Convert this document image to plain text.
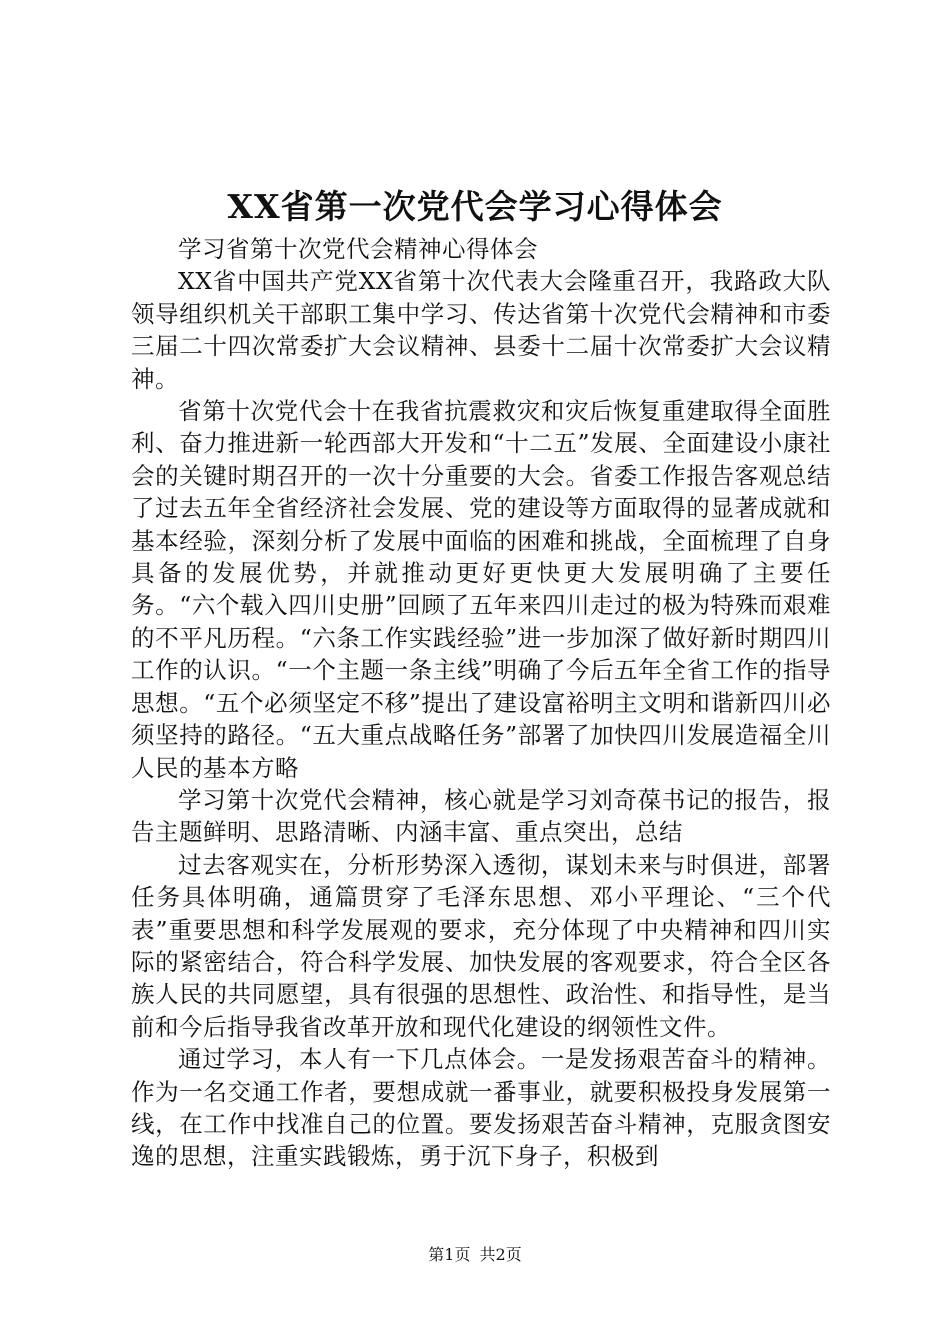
XX省第一次党代会学习心得体会

学习省第十次党代会精神心得体会

XX省中国共产党XX省第十次代表大会隆重召开，我路政大队领导组织机关干部职工集中学习、传达省第十次党代会精神和市委三届二十四次常委扩大会议精神、县委十二届十次常委扩大会议精神。

省第十次党代会十在我省抗震救灾和灾后恢复重建取得全面胜利、奋力推进新一轮西部大开发和“十二五”发展、全面建设小康社会的关键时期召开的一次十分重要的大会。省委工作报告客观总结了过去五年全省经济社会发展、党的建设等方面取得的显著成就和基本经验，深刻分析了发展中面临的困难和挑战，全面梳理了自身具备的发展优势，并就推动更好更快更大发展明确了主要任务。“六个载入四川史册”回顾了五年来四川走过的极为特殊而艰难的不平凡历程。“六条工作实践经验”进一步加深了做好新时期四川工作的认识。“一个主题一条主线”明确了今后五年全省工作的指导思想。“五个必须坚定不移”提出了建设富裕明主文明和谐新四川必须坚持的路径。“五大重点战略任务”部署了加快四川发展造福全川人民的基本方略

学习第十次党代会精神，核心就是学习刘奇葆书记的报告，报告主题鲜明、思路清晰、内涵丰富、重点突出，总结

过去客观实在，分析形势深入透彻，谋划未来与时俱进，部署任务具体明确，通篇贯穿了毛泽东思想、邓小平理论、“三个代表”重要思想和科学发展观的要求，充分体现了中央精神和四川实际的紧密结合，符合科学发展、加快发展的客观要求，符合全区各族人民的共同愿望，具有很强的思想性、政治性、和指导性，是当前和今后指导我省改革开放和现代化建设的纲领性文件。

通过学习，本人有一下几点体会。一是发扬艰苦奋斗的精神。作为一名交通工作者，要想成就一番事业，就要积极投身发展第一线，在工作中找准自己的位置。要发扬艰苦奋斗精神，克服贪图安逸的思想，注重实践锻炼，勇于沉下身子，积极到

第1页 共2页
